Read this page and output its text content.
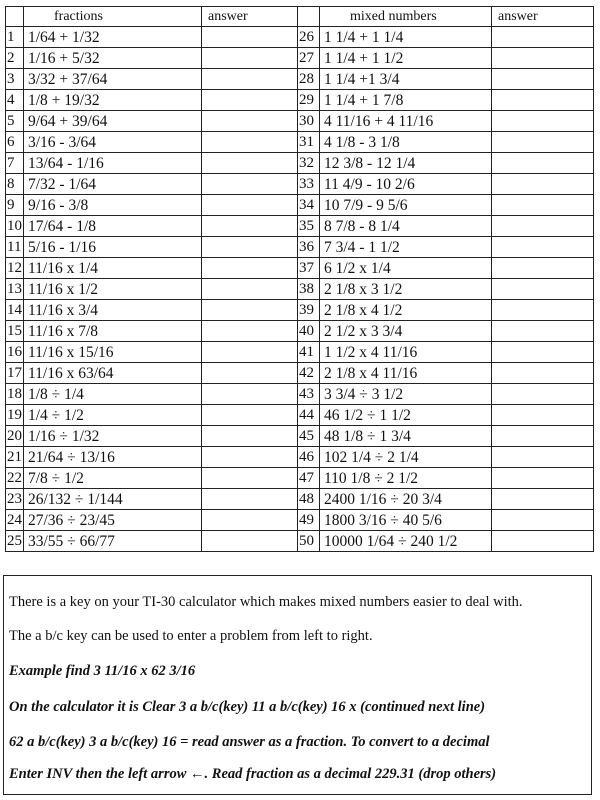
	fractions	answer		mixed numbers	answer
1	1/64 + 1/32		26	1 1/4 + 1 1/4	
2	1/16 + 5/32		27	1 1/4 + 1 1/2	
3	3/32 + 37/64		28	1 1/4 +1 3/4	
4	1/8 + 19/32		29	1 1/4 + 1 7/8	
5	9/64 + 39/64		30	4 11/16 + 4 11/16	
6	3/16 - 3/64		31	4 1/8 - 3 1/8	
7	13/64 - 1/16		32	12 3/8 - 12 1/4	
8	7/32 - 1/64		33	11 4/9 - 10 2/6	
9	9/16 - 3/8		34	10 7/9 - 9 5/6	
10	17/64 - 1/8		35	8 7/8 - 8 1/4	
11	5/16 - 1/16		36	7 3/4 - 1 1/2	
12	11/16 x 1/4		37	6 1/2 x 1/4	
13	11/16 x 1/2		38	2 1/8 x 3 1/2	
14	11/16 x 3/4		39	2 1/8 x 4 1/2	
15	11/16 x 7/8		40	2 1/2 x 3 3/4	
16	11/16 x 15/16		41	1 1/2 x 4 11/16	
17	11/16 x 63/64		42	2 1/8 x 4 11/16	
18	1/8 ÷ 1/4		43	3 3/4 ÷ 3 1/2	
19	1/4 ÷ 1/2		44	46 1/2 ÷ 1 1/2	
20	1/16 ÷ 1/32		45	48 1/8 ÷ 1 3/4	
21	21/64 ÷ 13/16		46	102 1/4 ÷ 2 1/4	
22	7/8 ÷ 1/2		47	110 1/8 ÷ 2 1/2	
23	26/132 ÷ 1/144		48	2400 1/16 ÷ 20 3/4	
24	27/36 ÷ 23/45		49	1800 3/16 ÷ 40 5/6	
25	33/55 ÷ 66/77		50	10000 1/64 ÷ 240 1/2	
There is a key on your TI-30 calculator which makes mixed numbers easier to deal with.
The a b/c key can be used to enter a problem from left to right.
Example find 3 11/16 x 62 3/16
On the calculator it is Clear 3 a b/c(key) 11 a b/c(key) 16 x (continued next line)
62 a b/c(key) 3 a b/c(key) 16 = read answer as a fraction. To convert to a decimal
Enter INV then the left arrow ←. Read fraction as a decimal 229.31 (drop others)
